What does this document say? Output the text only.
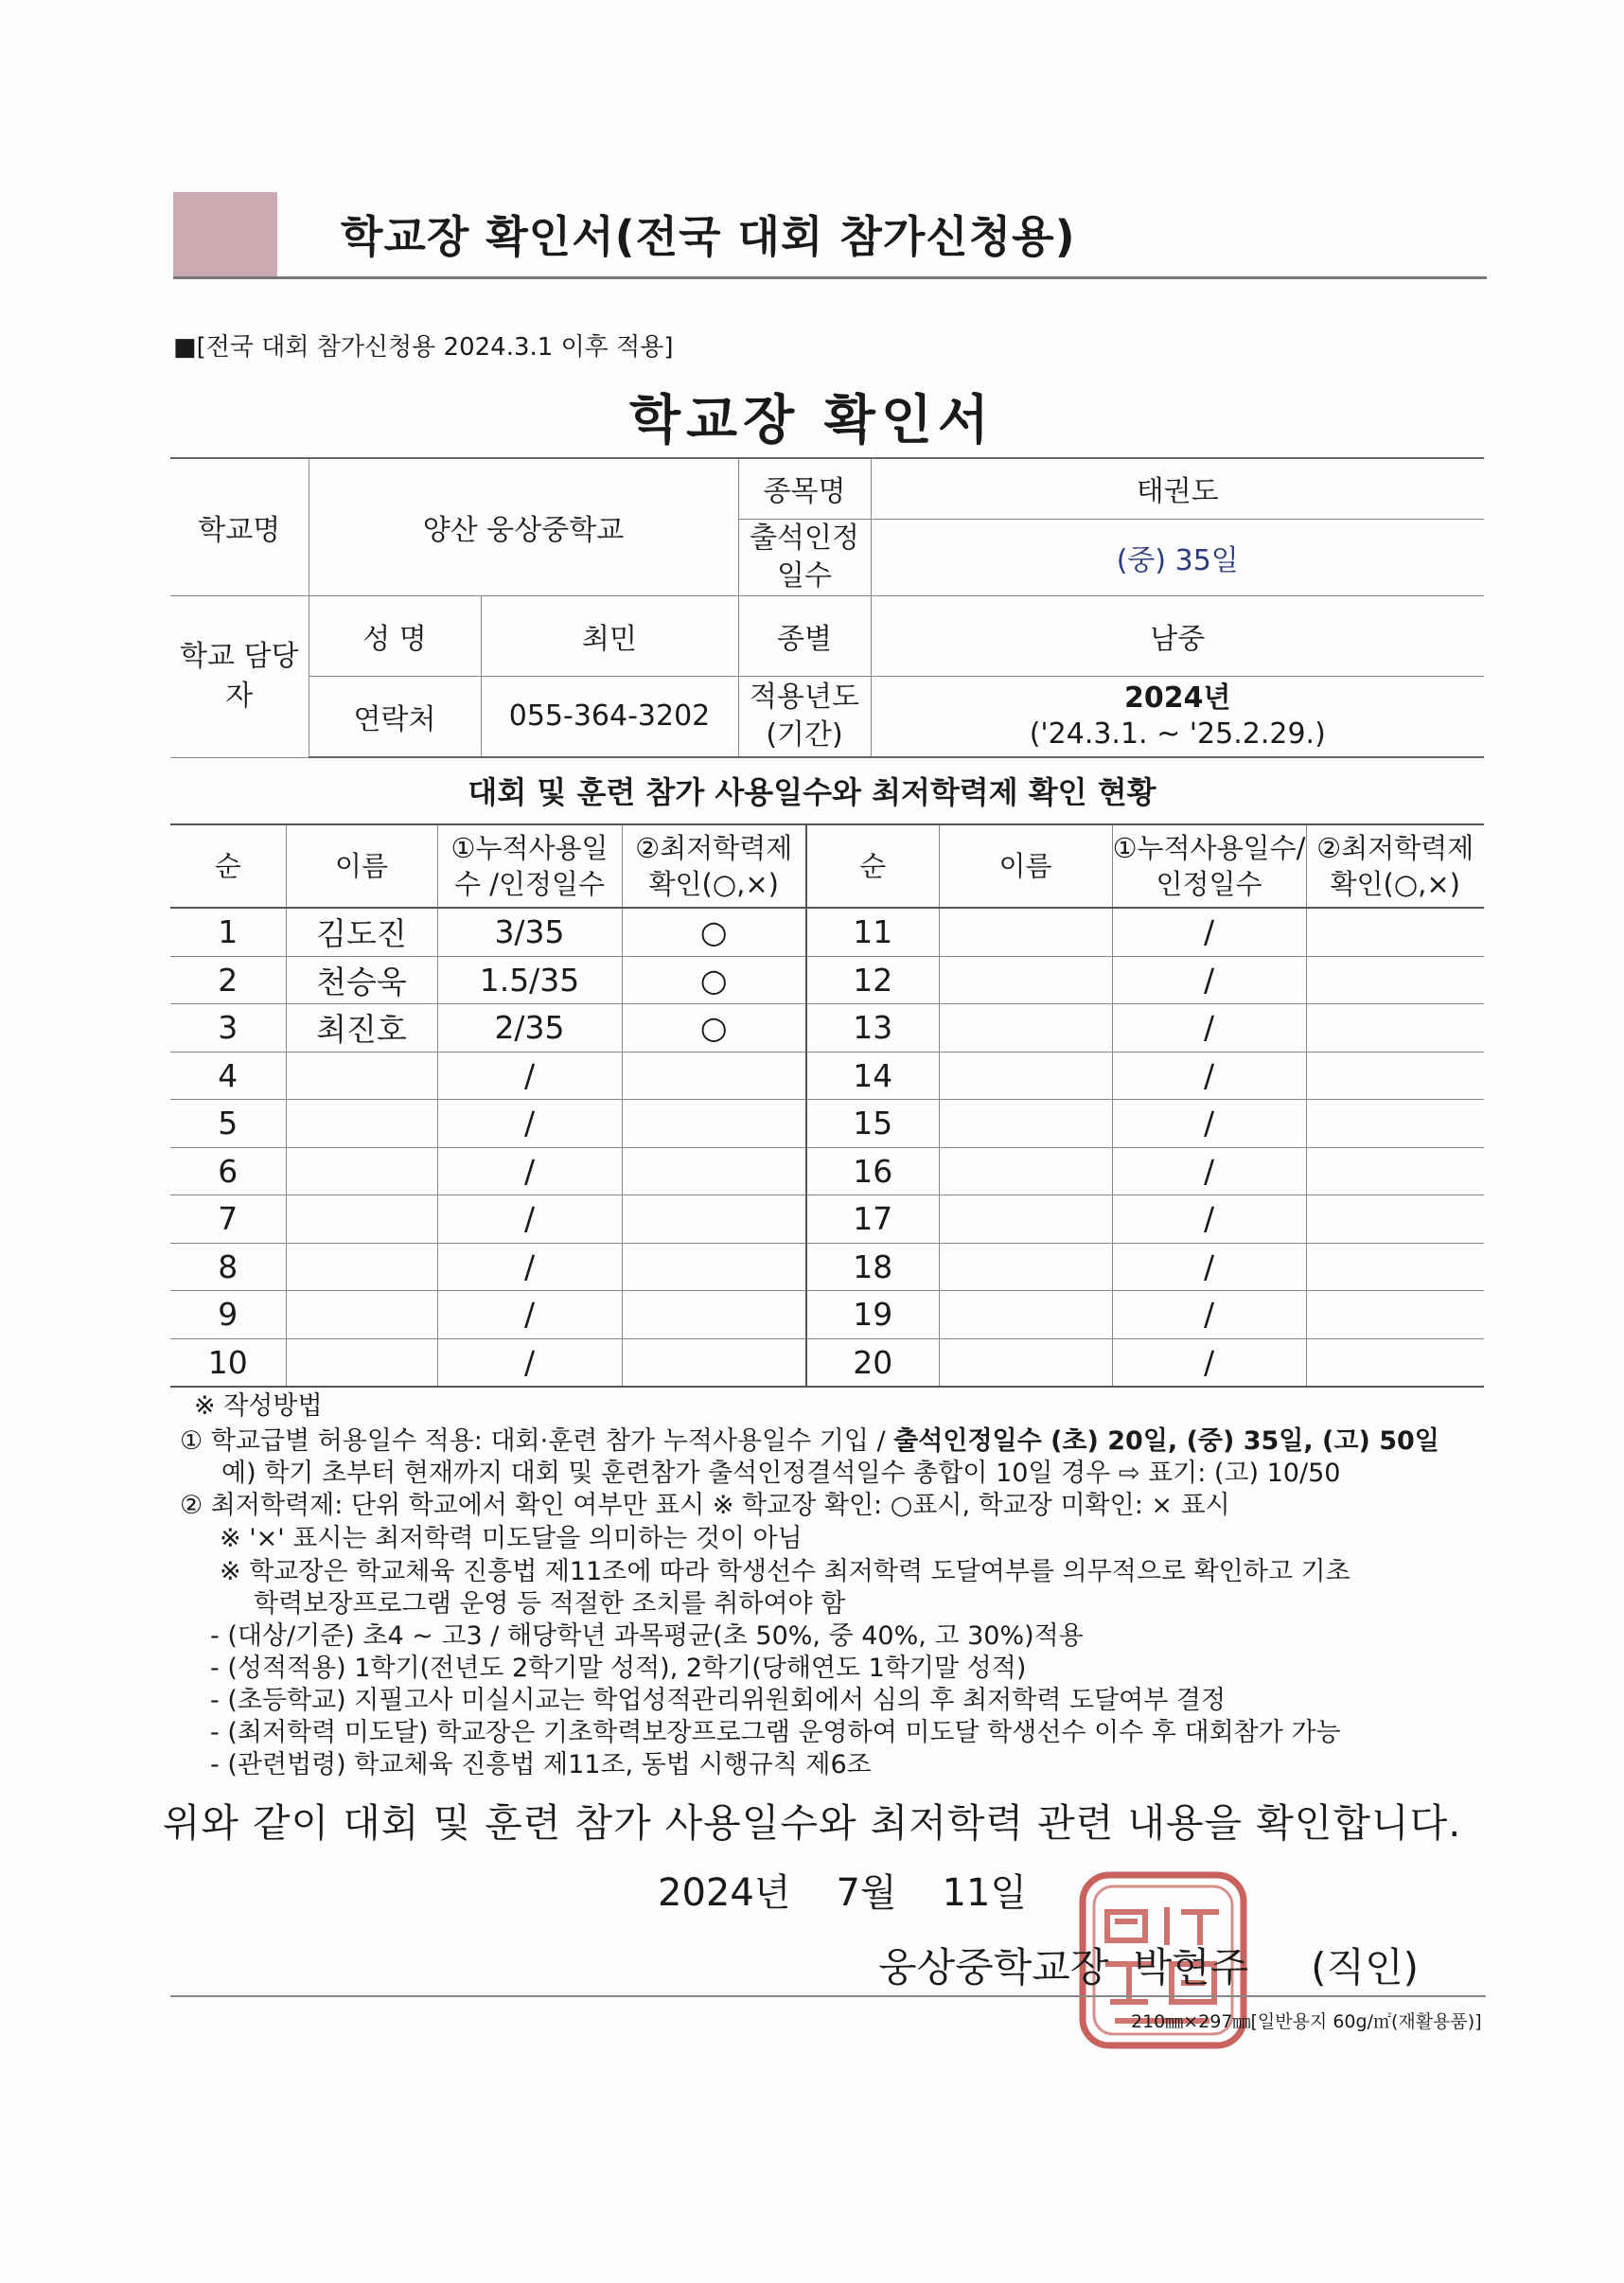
학교장 확인서(전국 대회 참가신청용)
■[전국 대회 참가신청용 2024.3.1 이후 적용]
학교장 확인서
학교명	양산 웅상중학교		종목명	태권도
			출석인정 일수	(중) 35일
학교 담당자	성 명	최민	종별	남중
	연락처	055-364-3202	적용년도 (기간)	2024년
('24.3.1. ~ '25.2.29.)
대회 및 훈련 참가 사용일수와 최저학력제 확인 현황
순	이름	①누적사용일수 /인정일수	②최저학력제 확인(○,×)	순	이름	①누적사용일수/ 인정일수	②최저학력제 확인(○,×)
1	김도진	3/35	○	11		/	
2	천승욱	1.5/35	○	12		/	
3	최진호	2/35	○	13		/	
4		/		14		/	
5		/		15		/	
6		/		16		/	
7		/		17		/	
8		/		18		/	
9		/		19		/	
10		/		20		/	
※ 작성방법
① 학교급별 허용일수 적용: 대회·훈련 참가 누적사용일수 기입 / 출석인정일수 (초) 20일, (중) 35일, (고) 50일
예) 학기 초부터 현재까지 대회 및 훈련참가 출석인정결석일수 총합이 10일 경우 ⇨ 표기: (고) 10/50
② 최저학력제: 단위 학교에서 확인 여부만 표시 ※ 학교장 확인: ○표시, 학교장 미확인: × 표시
※ '×' 표시는 최저학력 미도달을 의미하는 것이 아님
※ 학교장은 학교체육 진흥법 제11조에 따라 학생선수 최저학력 도달여부를 의무적으로 확인하고 기초
학력보장프로그램 운영 등 적절한 조치를 취하여야 함
- (대상/기준) 초4 ~ 고3 / 해당학년 과목평균(초 50%, 중 40%, 고 30%)적용
- (성적적용) 1학기(전년도 2학기말 성적), 2학기(당해연도 1학기말 성적)
- (초등학교) 지필고사 미실시교는 학업성적관리위원회에서 심의 후 최저학력 도달여부 결정
- (최저학력 미도달) 학교장은 기초학력보장프로그램 운영하여 미도달 학생선수 이수 후 대회참가 가능
- (관련법령) 학교체육 진흥법 제11조, 동법 시행규칙 제6조
위와 같이 대회 및 훈련 참가 사용일수와 최저학력 관련 내용을 확인합니다.
2024년 7월 11일
웅상중학교장 박현주 (직인)
210㎜×297㎜[일반용지 60g/㎡(재활용품)]
